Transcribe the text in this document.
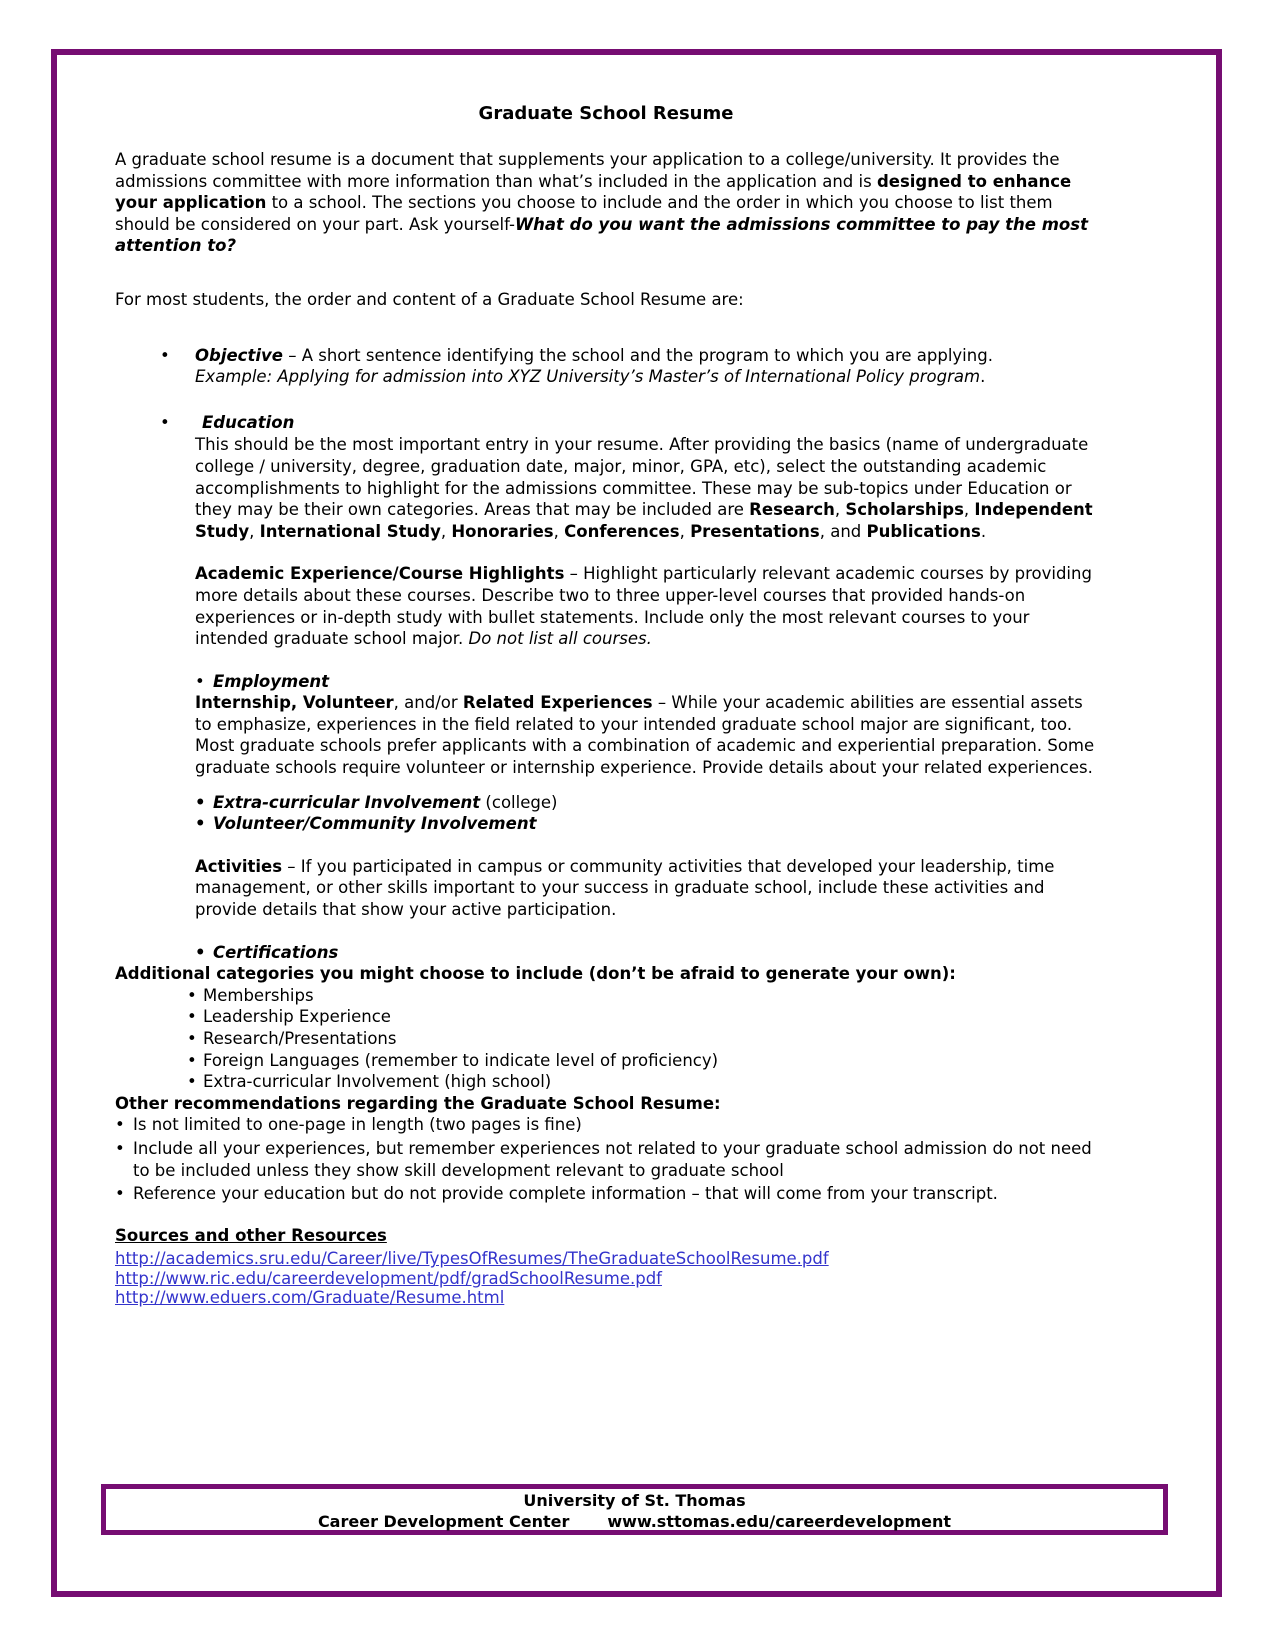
Graduate School Resume

A graduate school resume is a document that supplements your application to a college/university. It provides the admissions committee with more information than what’s included in the application and is designed to enhance your application to a school. The sections you choose to include and the order in which you choose to list them should be considered on your part. Ask yourself-What do you want the admissions committee to pay the most attention to?

For most students, the order and content of a Graduate School Resume are:

• Objective – A short sentence identifying the school and the program to which you are applying.
Example: Applying for admission into XYZ University’s Master’s of International Policy program.
• Education
This should be the most important entry in your resume. After providing the basics (name of undergraduate college / university, degree, graduation date, major, minor, GPA, etc), select the outstanding academic accomplishments to highlight for the admissions committee. These may be sub-topics under Education or they may be their own categories. Areas that may be included are Research, Scholarships, Independent Study, International Study, Honoraries, Conferences, Presentations, and Publications.
Academic Experience/Course Highlights – Highlight particularly relevant academic courses by providing more details about these courses. Describe two to three upper-level courses that provided hands-on experiences or in-depth study with bullet statements. Include only the most relevant courses to your intended graduate school major. Do not list all courses.
• Employment
Internship, Volunteer, and/or Related Experiences – While your academic abilities are essential assets to emphasize, experiences in the field related to your intended graduate school major are significant, too. Most graduate schools prefer applicants with a combination of academic and experiential preparation. Some graduate schools require volunteer or internship experience. Provide details about your related experiences.
• Extra-curricular Involvement (college)
• Volunteer/Community Involvement
Activities – If you participated in campus or community activities that developed your leadership, time management, or other skills important to your success in graduate school, include these activities and provide details that show your active participation.
• Certifications
Additional categories you might choose to include (don’t be afraid to generate your own):
• Memberships
• Leadership Experience
• Research/Presentations
• Foreign Languages (remember to indicate level of proficiency)
• Extra-curricular Involvement (high school)
Other recommendations regarding the Graduate School Resume:
• Is not limited to one-page in length (two pages is fine)
• Include all your experiences, but remember experiences not related to your graduate school admission do not need to be included unless they show skill development relevant to graduate school
• Reference your education but do not provide complete information – that will come from your transcript.
Sources and other Resources
http://academics.sru.edu/Career/live/TypesOfResumes/TheGraduateSchoolResume.pdf
http://www.ric.edu/careerdevelopment/pdf/gradSchoolResume.pdf
http://www.eduers.com/Graduate/Resume.html
University of St. Thomas
Career Development Center www.sttomas.edu/careerdevelopment
